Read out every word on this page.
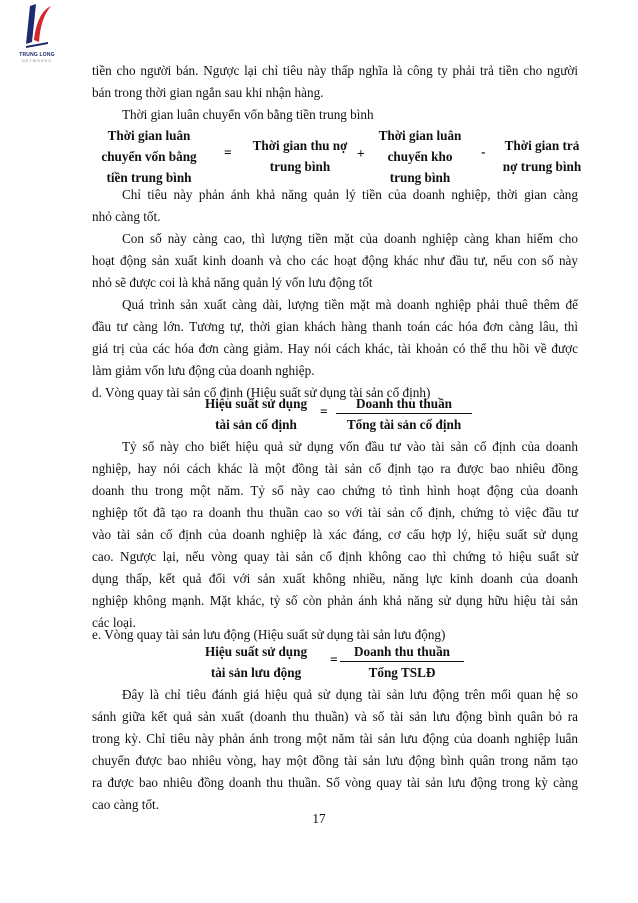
TRUNG LONG
NETWORKS
tiền cho người bán. Ngược lại chỉ tiêu này thấp nghĩa là công ty phải trả tiền cho người
bán trong thời gian ngắn sau khi nhận hàng.
Thời gian luân chuyển vốn bằng tiền trung bình
Thời gian luân
chuyển vốn bằng
tiền trung bình
=	Thời gian thu nợ
trung bình
+
Thời gian luân
chuyển kho
trung bình
-	Thời gian trả
nợ trung bình
Chỉ tiêu này phản ánh khả năng quản lý tiền của doanh nghiệp, thời gian càng
nhỏ càng tốt.
Con số này càng cao, thì lượng tiền mặt của doanh nghiệp càng khan hiếm cho
hoạt động sản xuất kinh doanh và cho các hoạt động khác như đầu tư, nếu con số này
nhỏ sẽ được coi là khả năng quản lý vốn lưu động tốt
Quá trình sản xuất càng dài, lượng tiền mặt mà doanh nghiệp phải thuê thêm để
đầu tư càng lớn. Tương tự, thời gian khách hàng thanh toán các hóa đơn càng lâu, thì
giá trị của các hóa đơn càng giảm. Hay nói cách khác, tài khoản có thể thu hồi về được
làm giảm vốn lưu động của doanh nghiệp.
d. Vòng quay tài sản cố định (Hiệu suất sử dụng tài sản cố định)
Hiệu suất sử dụng
tài sản cố định
=
Doanh thu thuần
Tổng tài sản cố định
Tỷ số này cho biết hiệu quả sử dụng vốn đầu tư vào tài sản cố định của doanh
nghiệp, hay nói cách khác là một đồng tài sản cố định tạo ra được bao nhiêu đồng
doanh thu trong một năm. Tỷ số này cao chứng tỏ tình hình hoạt động của doanh
nghiệp tốt đã tạo ra doanh thu thuần cao so với tài sản cố định, chứng tỏ việc đầu tư
vào tài sản cố định của doanh nghiệp là xác đáng, cơ cấu hợp lý, hiệu suất sử dụng
cao. Ngược lại, nếu vòng quay tài sản cố định không cao thì chứng tỏ hiệu suất sử
dụng thấp, kết quả đối với sản xuất không nhiều, năng lực kinh doanh của doanh
nghiệp không mạnh. Mặt khác, tỷ số còn phản ánh khả năng sử dụng hữu hiệu tài sản
các loại.
e. Vòng quay tài sản lưu động (Hiệu suất sử dụng tài sản lưu động)
Hiệu suất sử dụng
tài sản lưu động
=
Doanh thu thuần
Tổng TSLĐ
Đây là chỉ tiêu đánh giá hiệu quả sử dụng tài sản lưu động trên mối quan hệ so
sánh giữa kết quả sản xuất (doanh thu thuần) và số tài sản lưu động bình quân bỏ ra
trong kỳ. Chỉ tiêu này phản ánh trong một năm tài sản lưu động của doanh nghiệp luân
chuyển được bao nhiêu vòng, hay một đồng tài sản lưu động bình quân trong năm tạo
ra được bao nhiêu đồng doanh thu thuần. Số vòng quay tài sản lưu động trong kỳ càng
cao càng tốt.
17
